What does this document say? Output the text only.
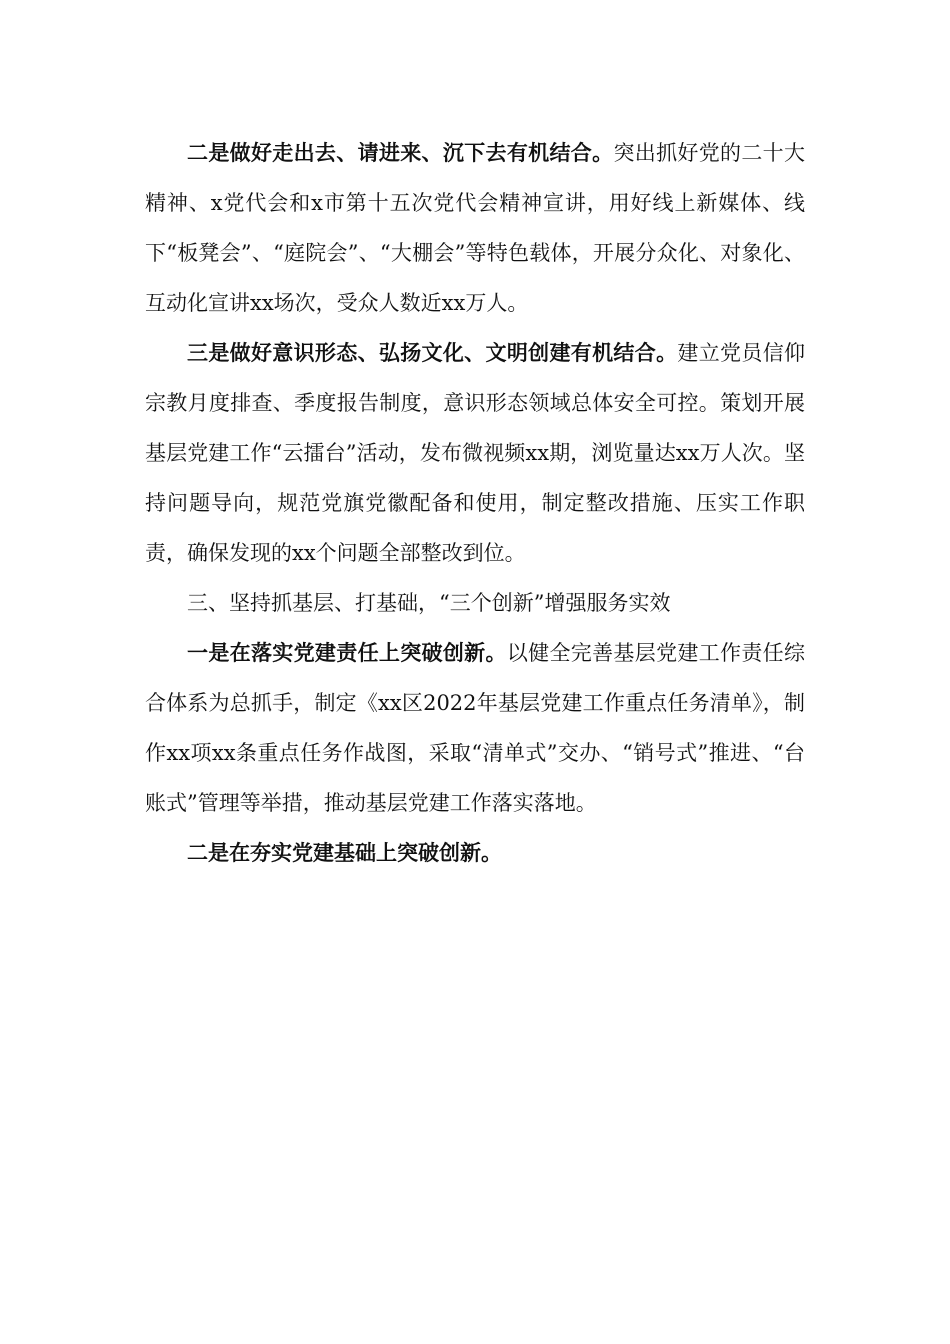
二是做好走出去、请进来、沉下去有机结合。突出抓好党的二十大精神、x党代会和x市第十五次党代会精神宣讲，用好线上新媒体、线下“板凳会”、“庭院会”、“大棚会”等特色载体，开展分众化、对象化、互动化宣讲xx场次，受众人数近xx万人。

三是做好意识形态、弘扬文化、文明创建有机结合。建立党员信仰宗教月度排查、季度报告制度，意识形态领域总体安全可控。策划开展基层党建工作“云擂台”活动，发布微视频xx期，浏览量达xx万人次。坚持问题导向，规范党旗党徽配备和使用，制定整改措施、压实工作职责，确保发现的xx个问题全部整改到位。

三、坚持抓基层、打基础，“三个创新”增强服务实效

一是在落实党建责任上突破创新。以健全完善基层党建工作责任综合体系为总抓手，制定《xx区2022年基层党建工作重点任务清单》，制作xx项xx条重点任务作战图，采取“清单式”交办、“销号式”推进、“台账式”管理等举措，推动基层党建工作落实落地。

二是在夯实党建基础上突破创新。
